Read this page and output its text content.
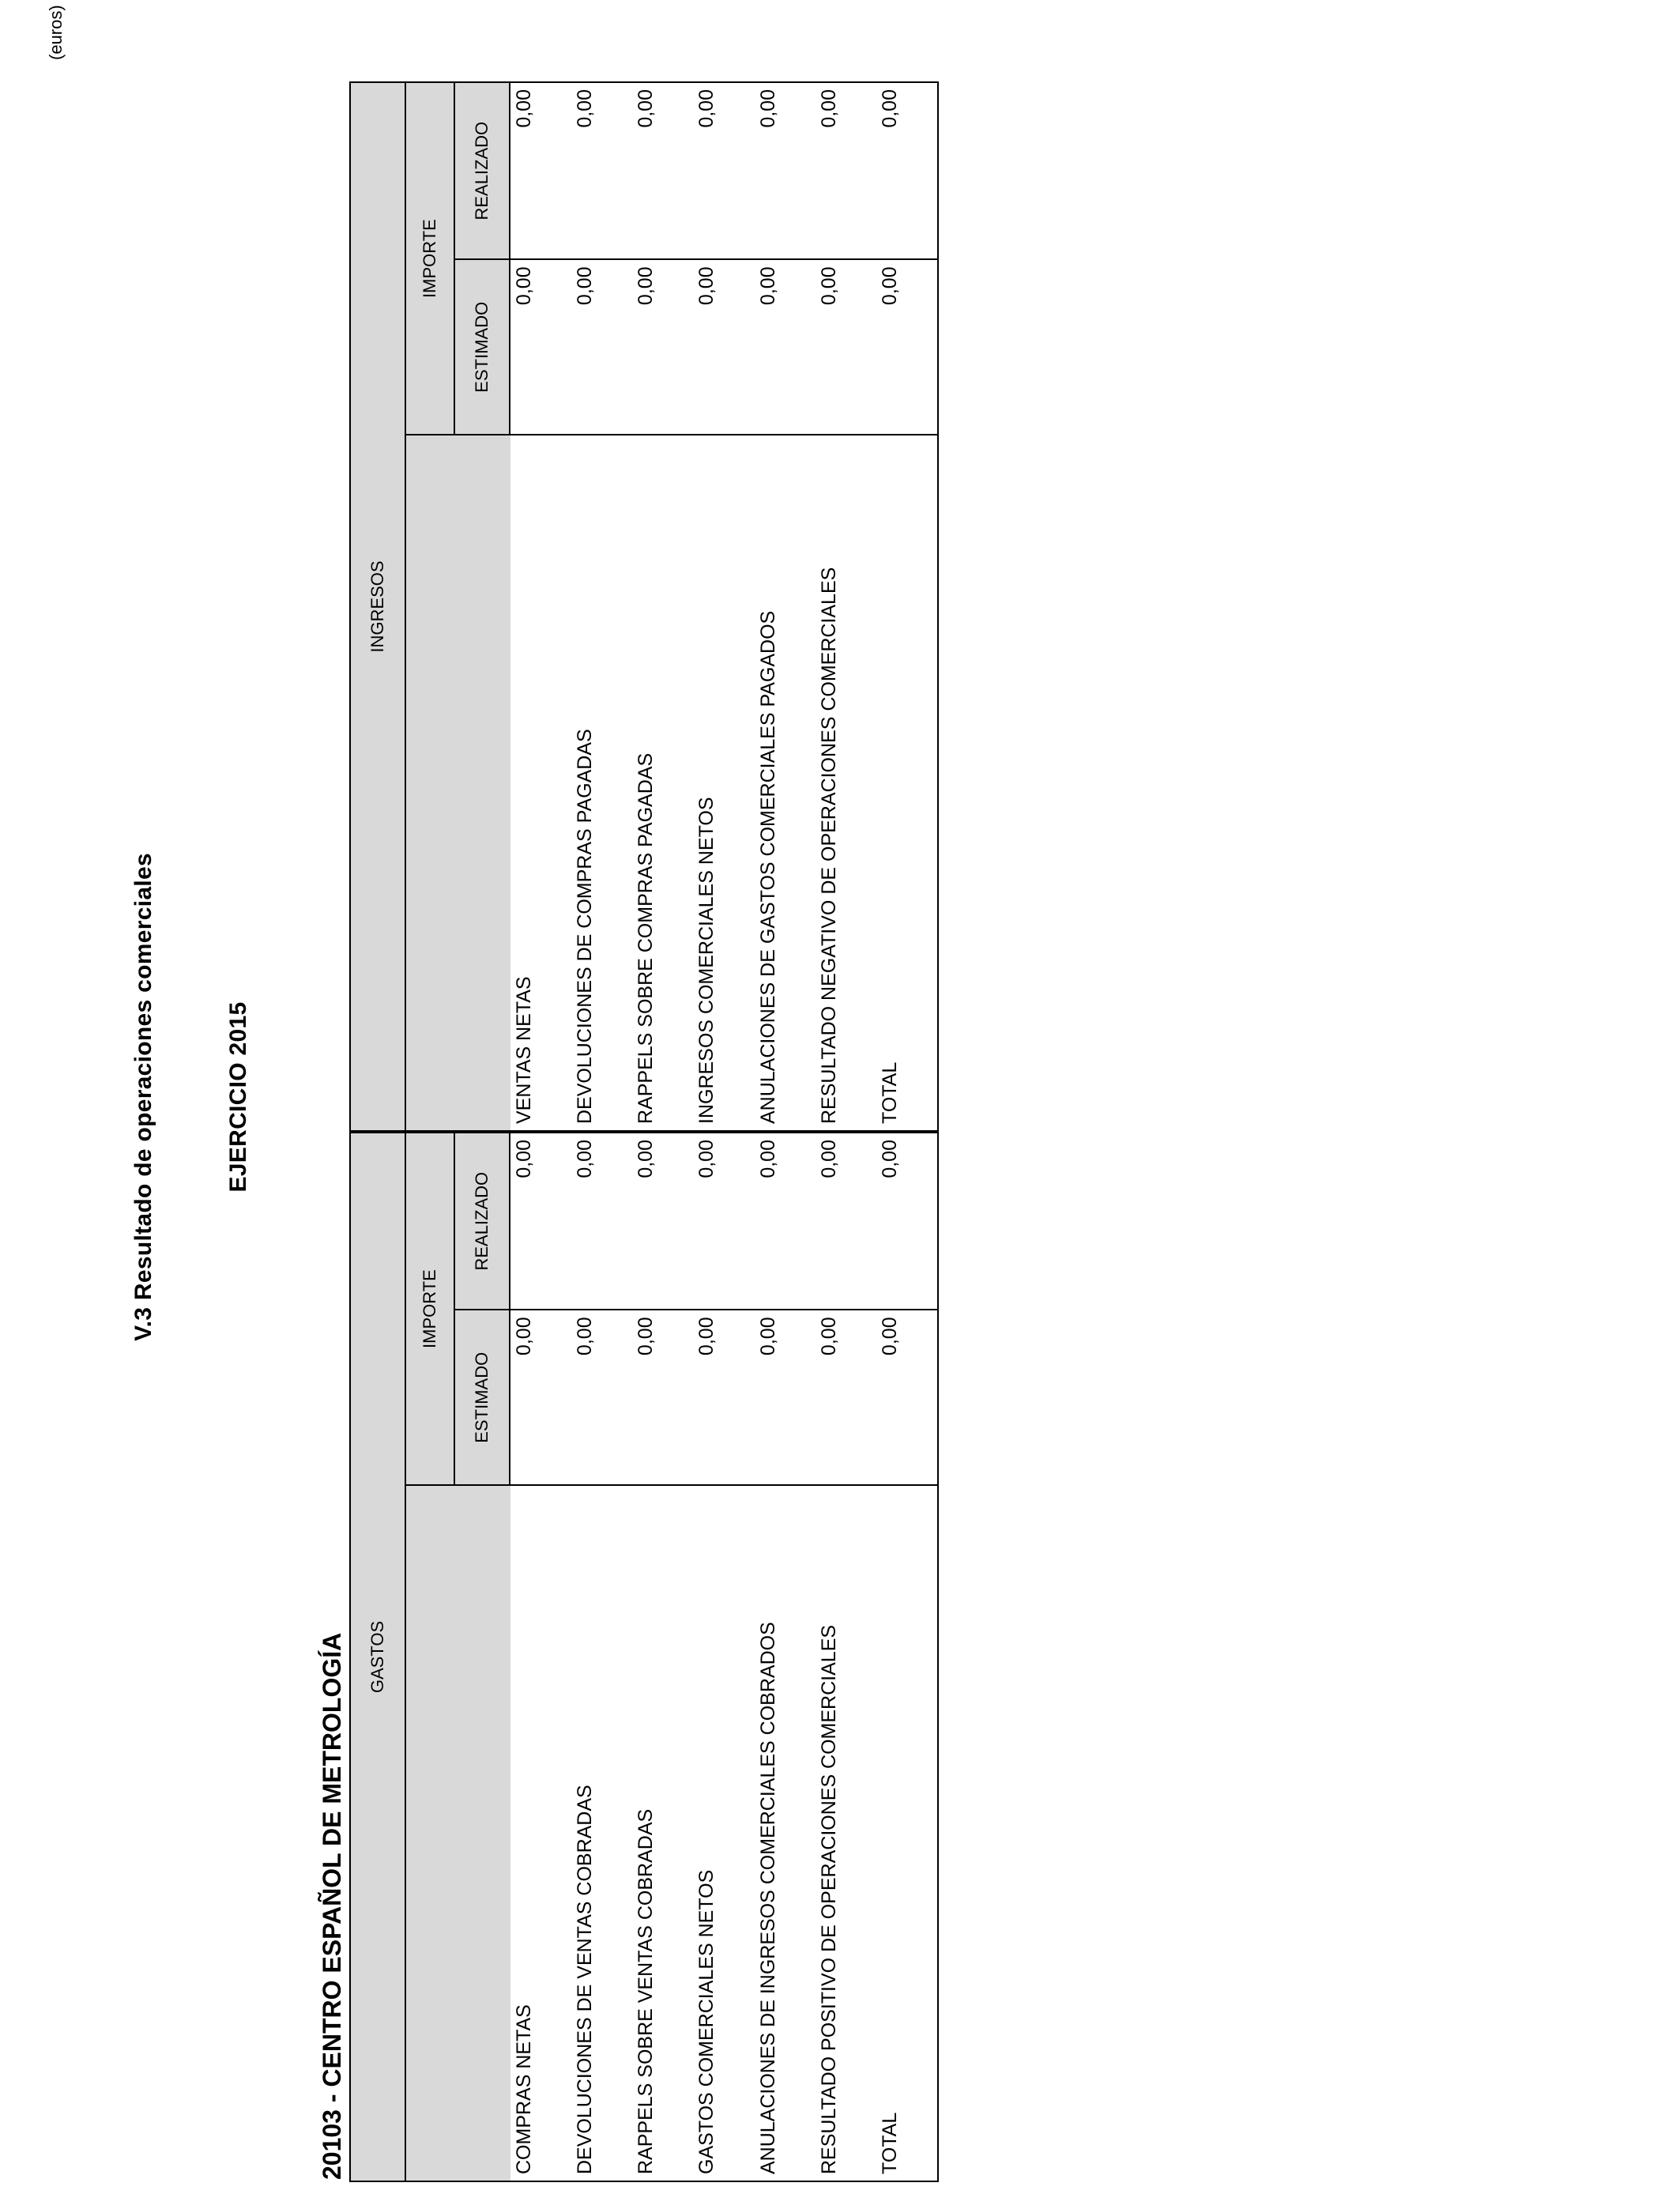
V.3 Resultado de operaciones comerciales	EJERCICIO 2015
20103 - CENTRO ESPAÑOL DE METROLOGÍA
(euros)
GASTOS
IMPORTE
ESTIMADO
REALIZADO
COMPRAS NETAS
0,00
0,00
DEVOLUCIONES DE VENTAS COBRADAS
0,00
0,00
RAPPELS SOBRE VENTAS COBRADAS
0,00
0,00
GASTOS COMERCIALES NETOS
0,00
0,00
ANULACIONES DE INGRESOS COMERCIALES COBRADOS
0,00
0,00
RESULTADO POSITIVO DE OPERACIONES COMERCIALES
0,00
0,00
TOTAL
0,00
0,00
INGRESOS
IMPORTE
ESTIMADO
REALIZADO
VENTAS NETAS
0,00
0,00
DEVOLUCIONES DE COMPRAS PAGADAS
0,00
0,00
RAPPELS SOBRE COMPRAS PAGADAS
0,00
0,00
INGRESOS COMERCIALES NETOS
0,00
0,00
ANULACIONES DE GASTOS COMERCIALES PAGADOS
0,00
0,00
RESULTADO NEGATIVO DE OPERACIONES COMERCIALES
0,00
0,00
TOTAL
0,00
0,00
